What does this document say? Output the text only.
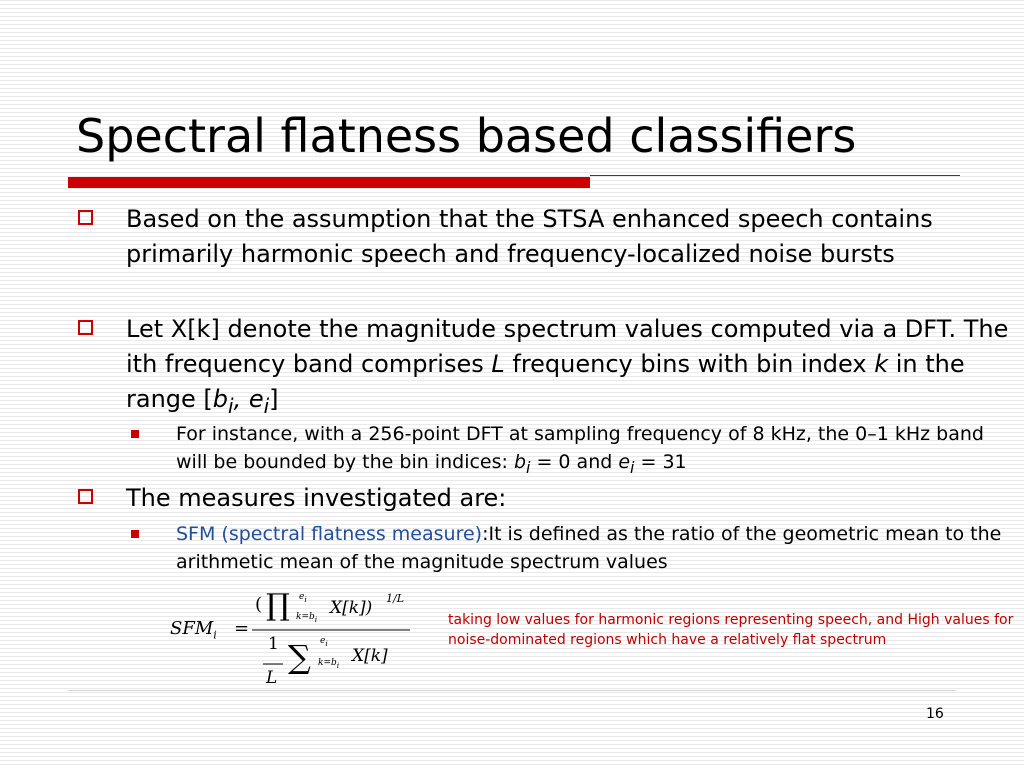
Spectral flatness based classifiers
Based on the assumption that the STSA enhanced speech contains primarily harmonic speech and frequency-localized noise bursts
Let X[k] denote the magnitude spectrum values computed via a DFT. The ith frequency band comprises L frequency bins with bin index k in the range [$b_i$, $e_i$]
For instance, with a 256-point DFT at sampling frequency of 8 kHz, the 0–1 kHz band will be bounded by the bin indices: $b_i = 0$ and $e_i = 31$
The measures investigated are:
SFM (spectral flatness measure):It is defined as the ratio of the geometric mean to the arithmetic mean of the magnitude spectrum values
$SFM_i$ =
( ∏ $e_i$
$k=b_i$
X[k]) 1/L
1
L
∑ $e_i$
$k=b_i$ X[k]
taking low values for harmonic regions representing speech, and High values for noise-dominated regions which have a relatively flat spectrum
16
